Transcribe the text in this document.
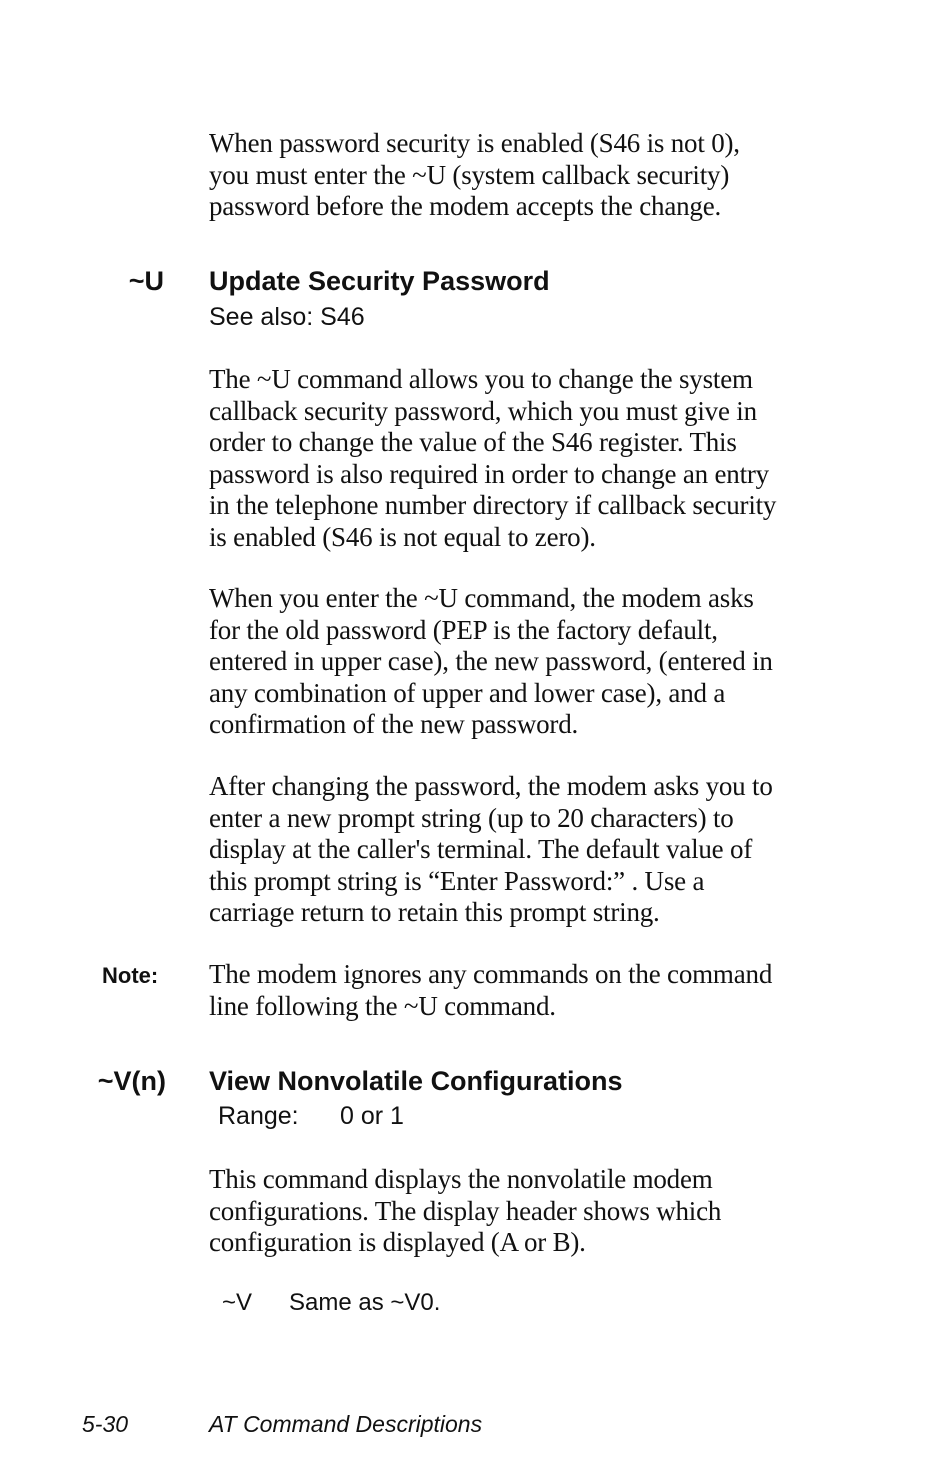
When password security is enabled (S46 is not 0),

you must enter the ~U (system callback security)

password before the modem accepts the change.

~U Update Security Password
See also: S46

The ~U command allows you to change the system

callback security password, which you must give in

order to change the value of the S46 register. This

password is also required in order to change an entry

in the telephone number directory if callback security

is enabled (S46 is not equal to zero).

When you enter the ~U command, the modem asks

for the old password (PEP is the factory default,

entered in upper case), the new password, (entered in

any combination of upper and lower case), and a

confirmation of the new password.

After changing the password, the modem asks you to

enter a new prompt string (up to 20 characters) to

display at the caller's terminal. The default value of

this prompt string is “Enter Password:” . Use a

carriage return to retain this prompt string.

Note: The modem ignores any commands on the command

line following the ~U command.

~V(n) View Nonvolatile Configurations
Range: 0 or 1

This command displays the nonvolatile modem

configurations. The display header shows which

configuration is displayed (A or B).

~V Same as ~V0.
5-30	AT Command Descriptions
